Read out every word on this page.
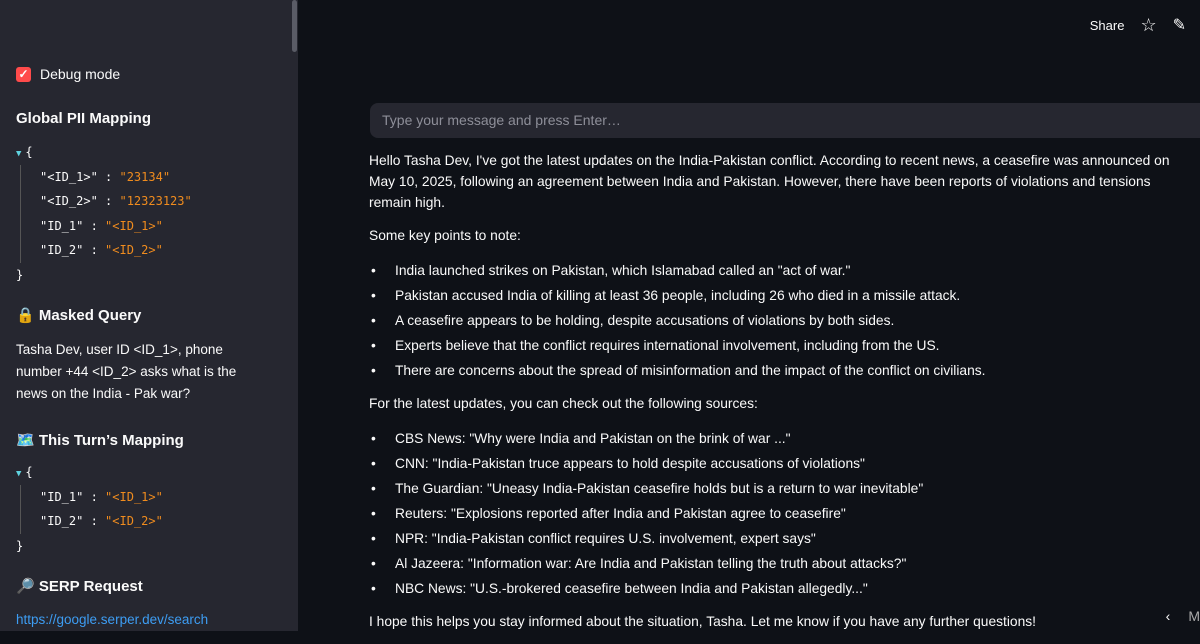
✓ Debug mode
Global PII Mapping
▼ {
"<ID_1>" : "23134"
"<ID_2>" : "12323123"
"ID_1" : "<ID_1>"
"ID_2" : "<ID_2>"
}
🔒 Masked Query
Tasha Dev, user ID <ID_1>, phone number +44 <ID_2> asks what is the news on the India - Pak war?
🗺️ This Turn’s Mapping
▼ {
"ID_1" : "<ID_1>"
"ID_2" : "<ID_2>"
}
🔎 SERP Request
https://google.serper.dev/search
Share ☆ ✎
Type your message and press Enter…

Hello Tasha Dev, I've got the latest updates on the India-Pakistan conflict. According to recent news, a ceasefire was announced on May 10, 2025, following an agreement between India and Pakistan. However, there have been reports of violations and tensions remain high.

Some key points to note:

• India launched strikes on Pakistan, which Islamabad called an "act of war."
• Pakistan accused India of killing at least 36 people, including 26 who died in a missile attack.
• A ceasefire appears to be holding, despite accusations of violations by both sides.
• Experts believe that the conflict requires international involvement, including from the US.
• There are concerns about the spread of misinformation and the impact of the conflict on civilians.

For the latest updates, you can check out the following sources:

• CBS News: "Why were India and Pakistan on the brink of war ..."
• CNN: "India-Pakistan truce appears to hold despite accusations of violations"
• The Guardian: "Uneasy India-Pakistan ceasefire holds but is a return to war inevitable"
• Reuters: "Explosions reported after India and Pakistan agree to ceasefire"
• NPR: "India-Pakistan conflict requires U.S. involvement, expert says"
• Al Jazeera: "Information war: Are India and Pakistan telling the truth about attacks?"
• NBC News: "U.S.-brokered ceasefire between India and Pakistan allegedly..."

I hope this helps you stay informed about the situation, Tasha. Let me know if you have any further questions!	‹ M
